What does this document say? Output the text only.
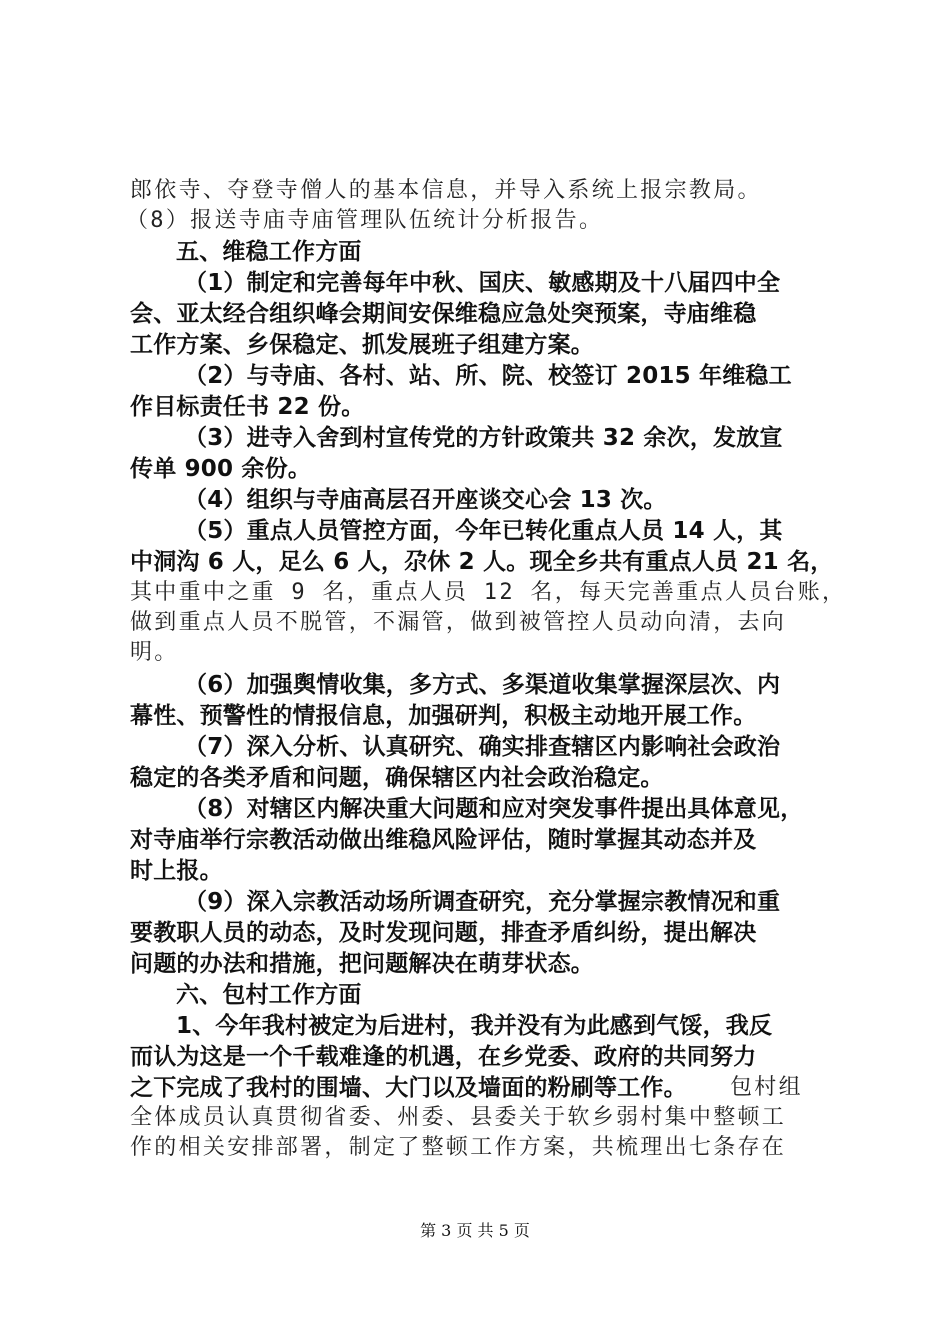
郎依寺、夺登寺僧人的基本信息，并导入系统上报宗教局。
（8）报送寺庙寺庙管理队伍统计分析报告。
五、维稳工作方面
（1）制定和完善每年中秋、国庆、敏感期及十八届四中全
会、亚太经合组织峰会期间安保维稳应急处突预案，寺庙维稳
工作方案、乡保稳定、抓发展班子组建方案。
（2）与寺庙、各村、站、所、院、校签订 2015 年维稳工
作目标责任书 22 份。
（3）进寺入舍到村宣传党的方针政策共 32 余次，发放宣
传单 900 余份。
（4）组织与寺庙高层召开座谈交心会 13 次。
（5）重点人员管控方面，今年已转化重点人员 14 人，其
中洞沟 6 人，足么 6 人，尕休 2 人。现全乡共有重点人员 21 名，
其中重中之重 9 名，重点人员 12 名，每天完善重点人员台账，
做到重点人员不脱管，不漏管，做到被管控人员动向清，去向
明。
（6）加强舆情收集，多方式、多渠道收集掌握深层次、内
幕性、预警性的情报信息，加强研判，积极主动地开展工作。
（7）深入分析、认真研究、确实排查辖区内影响社会政治
稳定的各类矛盾和问题，确保辖区内社会政治稳定。
（8）对辖区内解决重大问题和应对突发事件提出具体意见，
对寺庙举行宗教活动做出维稳风险评估，随时掌握其动态并及
时上报。
（9）深入宗教活动场所调查研究，充分掌握宗教情况和重
要教职人员的动态，及时发现问题，排查矛盾纠纷，提出解决
问题的办法和措施，把问题解决在萌芽状态。
六、包村工作方面
1、今年我村被定为后进村，我并没有为此感到气馁，我反
而认为这是一个千载难逢的机遇，在乡党委、政府的共同努力
之下完成了我村的围墙、大门以及墙面的粉刷等工作。 包村组
全体成员认真贯彻省委、州委、县委关于软乡弱村集中整顿工
作的相关安排部署，制定了整顿工作方案，共梳理出七条存在
第 3 页 共 5 页
